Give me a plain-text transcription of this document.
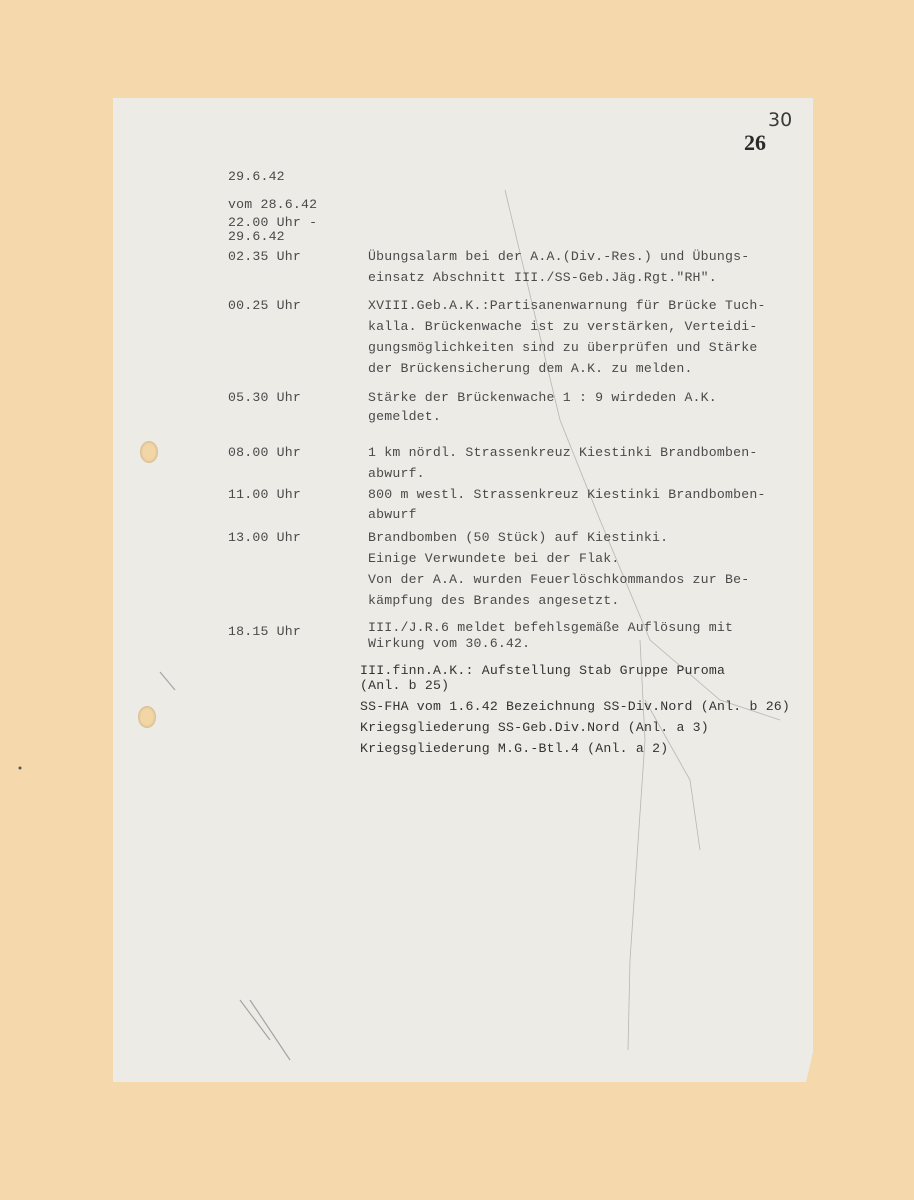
30
26
29.6.42
vom 28.6.42
22.00 Uhr -
29.6.42
02.35 Uhr	Übungsalarm bei der A.A.(Div.-Res.) und Übungs-
einsatz Abschnitt III./SS-Geb.Jäg.Rgt."RH".
00.25 Uhr	XVIII.Geb.A.K.:Partisanenwarnung für Brücke Tuch-
kalla. Brückenwache ist zu verstärken, Verteidi-
gungsmöglichkeiten sind zu überprüfen und Stärke
der Brückensicherung dem A.K. zu melden.
05.30 Uhr	Stärke der Brückenwache 1 : 9 wirdeden A.K.
gemeldet.
08.00 Uhr	1 km nördl. Strassenkreuz Kiestinki Brandbomben-
abwurf.
11.00 Uhr	800 m westl. Strassenkreuz Kiestinki Brandbomben-
abwurf
13.00 Uhr	Brandbomben (50 Stück) auf Kiestinki.
Einige Verwundete bei der Flak.
Von der A.A. wurden Feuerlöschkommandos zur Be-
kämpfung des Brandes angesetzt.
18.15 Uhr	III./J.R.6 meldet befehlsgemäße Auflösung mit
Wirkung vom 30.6.42.
III.finn.A.K.: Aufstellung Stab Gruppe Puroma
(Anl. b 25)
SS-FHA vom 1.6.42 Bezeichnung SS-Div.Nord (Anl. b 26)
Kriegsgliederung SS-Geb.Div.Nord (Anl. a 3)
Kriegsgliederung M.G.-Btl.4 (Anl. a 2)
